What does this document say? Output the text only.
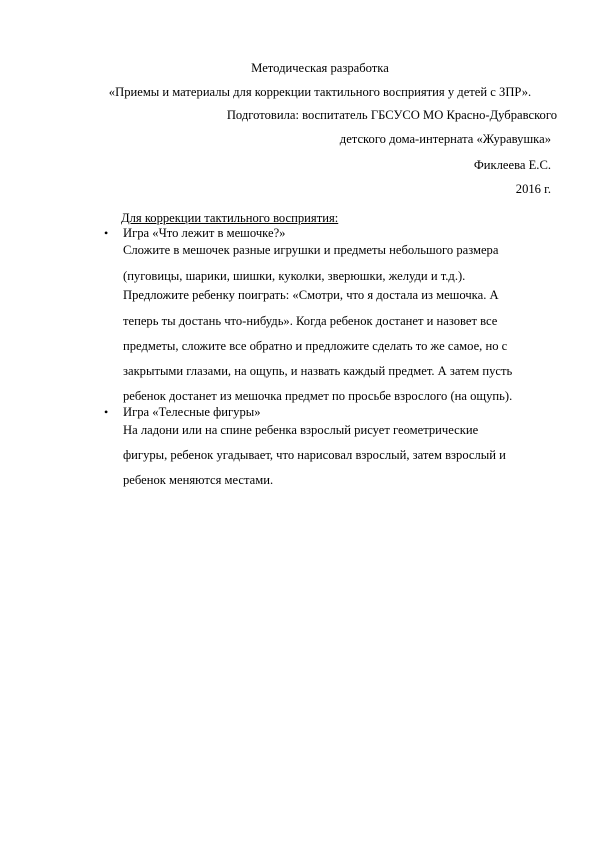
Методическая разработка
«Приемы и материалы для коррекции тактильного восприятия у детей с ЗПР».
Подготовила: воспитатель ГБСУСО МО Красно-Дубравского
детского дома-интерната «Журавушка»
Фиклеева Е.С.
2016 г.
Для коррекции тактильного восприятия:
• Игра «Что лежит в мешочке?»
Сложите в мешочек разные игрушки и предметы небольшого размера
(пуговицы, шарики, шишки, куколки, зверюшки, желуди и т.д.).
Предложите ребенку поиграть: «Смотри, что я достала из мешочка. А
теперь ты достань что-нибудь». Когда ребенок достанет и назовет все
предметы, сложите все обратно и предложите сделать то же самое, но с
закрытыми глазами, на ощупь, и назвать каждый предмет. А затем пусть
ребенок достанет из мешочка предмет по просьбе взрослого (на ощупь).
• Игра «Телесные фигуры»
На ладони или на спине ребенка взрослый рисует геометрические
фигуры, ребенок угадывает, что нарисовал взрослый, затем взрослый и
ребенок меняются местами.
